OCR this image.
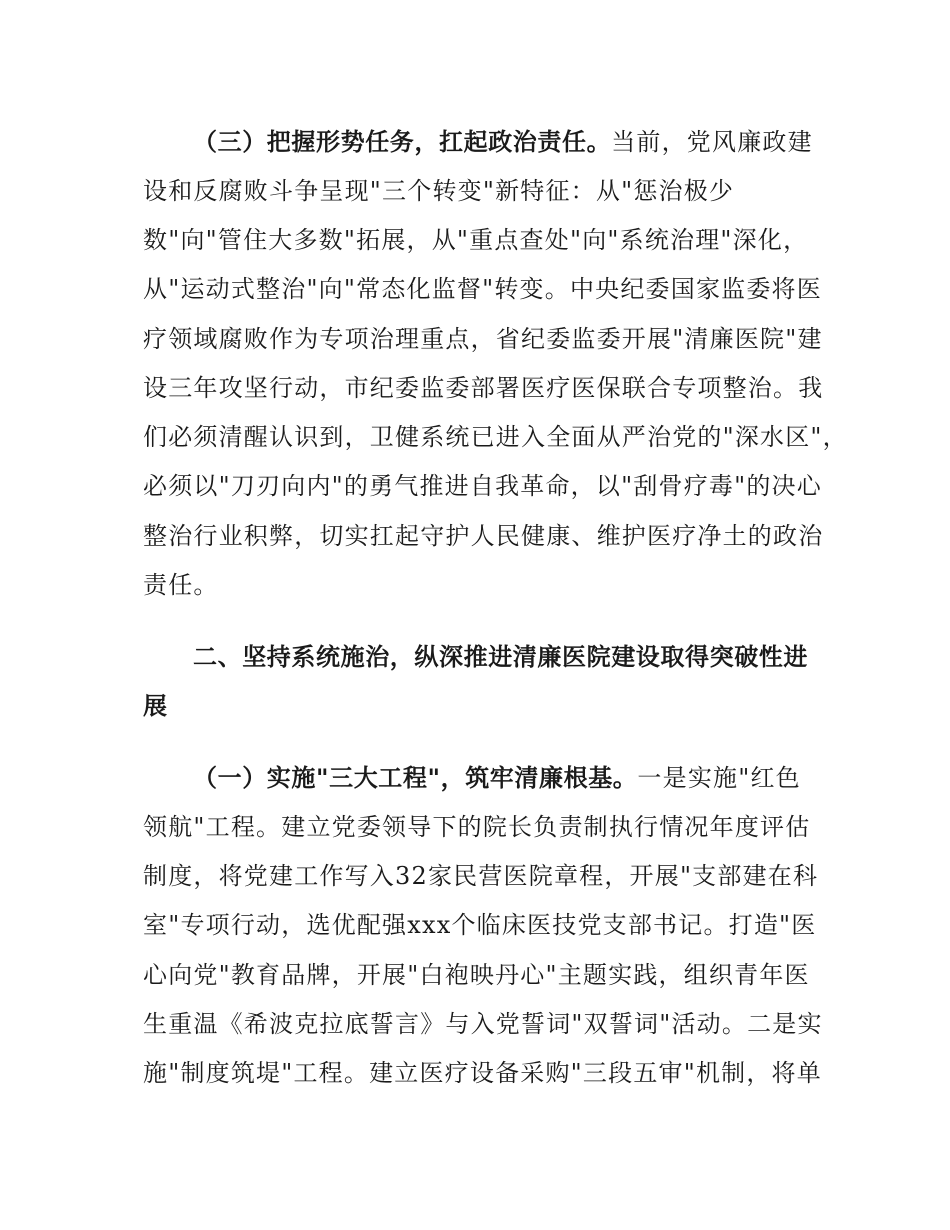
（三）把握形势任务，扛起政治责任。当前，党风廉政建
设和反腐败斗争呈现"三个转变"新特征：从"惩治极少
数"向"管住大多数"拓展，从"重点查处"向"系统治理"深化，
从"运动式整治"向"常态化监督"转变。中央纪委国家监委将医
疗领域腐败作为专项治理重点，省纪委监委开展"清廉医院"建
设三年攻坚行动，市纪委监委部署医疗医保联合专项整治。我
们必须清醒认识到，卫健系统已进入全面从严治党的"深水区"，
必须以"刀刃向内"的勇气推进自我革命，以"刮骨疗毒"的决心
整治行业积弊，切实扛起守护人民健康、维护医疗净土的政治
责任。
二、坚持系统施治，纵深推进清廉医院建设取得突破性进
展
（一）实施"三大工程"，筑牢清廉根基。一是实施"红色
领航"工程。建立党委领导下的院长负责制执行情况年度评估
制度，将党建工作写入32家民营医院章程，开展"支部建在科
室"专项行动，选优配强xxx个临床医技党支部书记。打造"医
心向党"教育品牌，开展"白袍映丹心"主题实践，组织青年医
生重温《希波克拉底誓言》与入党誓词"双誓词"活动。二是实
施"制度筑堤"工程。建立医疗设备采购"三段五审"机制，将单
